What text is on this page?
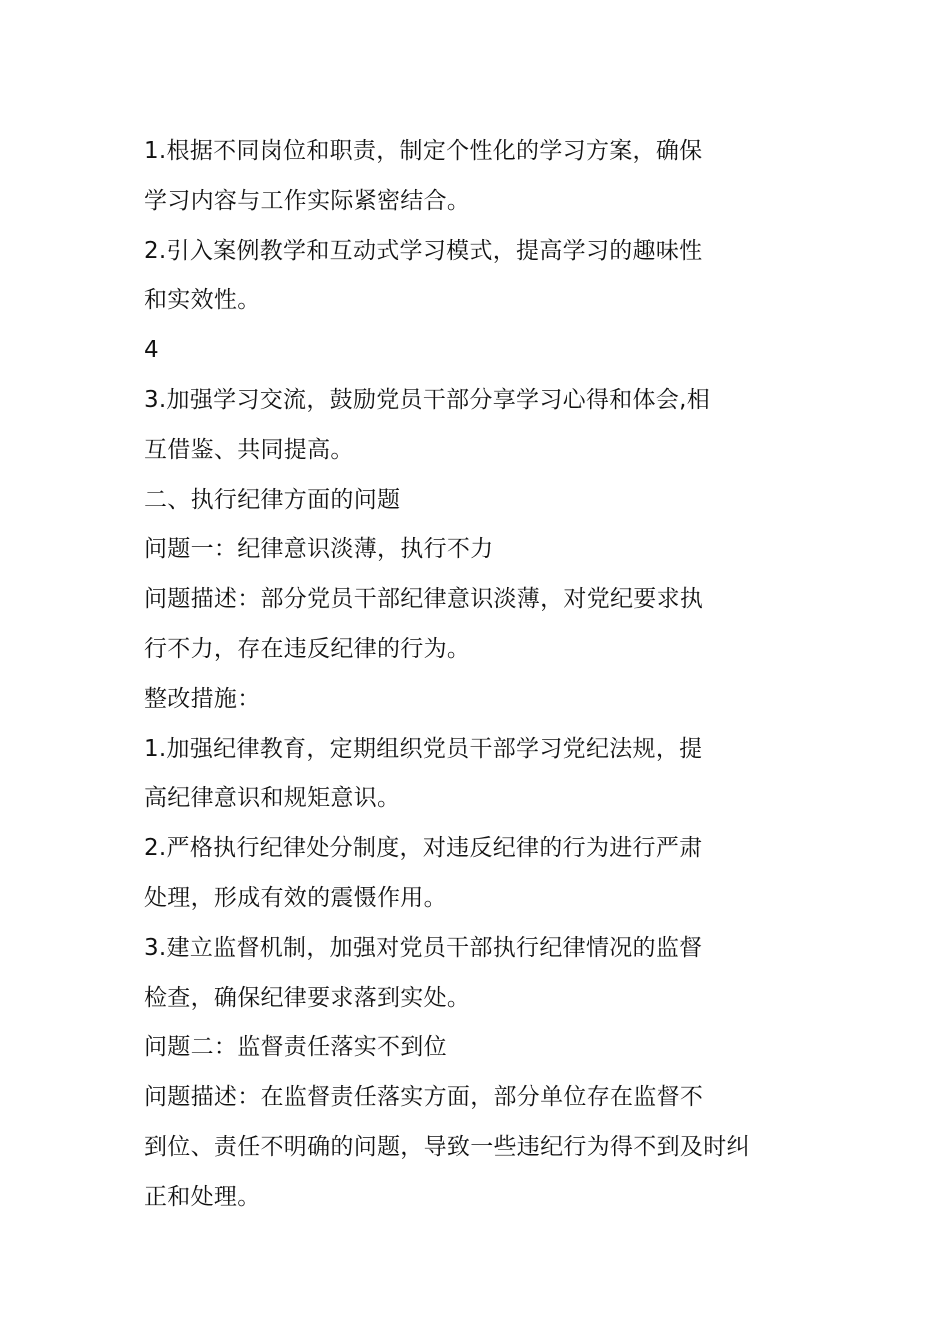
1.根据不同岗位和职责，制定个性化的学习方案，确保
学习内容与工作实际紧密结合。
2.引入案例教学和互动式学习模式，提高学习的趣味性
和实效性。
4
3.加强学习交流，鼓励党员干部分享学习心得和体会,相
互借鉴、共同提高。
二、执行纪律方面的问题
问题一：纪律意识淡薄，执行不力
问题描述：部分党员干部纪律意识淡薄，对党纪要求执
行不力，存在违反纪律的行为。
整改措施：
1.加强纪律教育，定期组织党员干部学习党纪法规，提
高纪律意识和规矩意识。
2.严格执行纪律处分制度，对违反纪律的行为进行严肃
处理，形成有效的震慑作用。
3.建立监督机制，加强对党员干部执行纪律情况的监督
检查，确保纪律要求落到实处。
问题二：监督责任落实不到位
问题描述：在监督责任落实方面，部分单位存在监督不
到位、责任不明确的问题，导致一些违纪行为得不到及时纠
正和处理。
